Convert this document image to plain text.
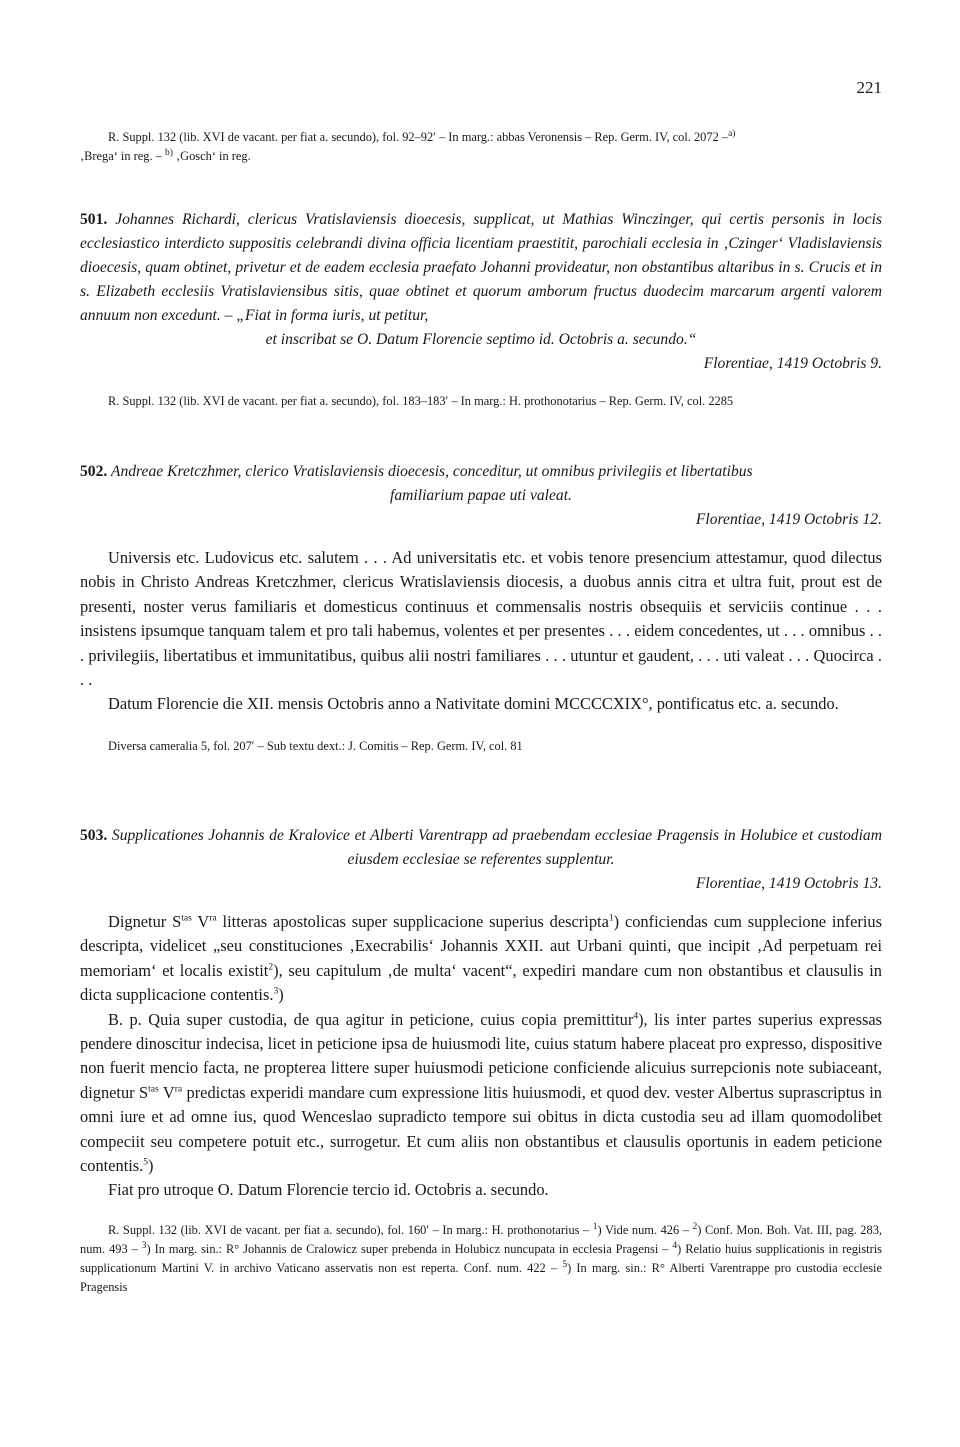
221

R. Suppl. 132 (lib. XVI de vacant. per fiat a. secundo), fol. 92–92′ – In marg.: abbas Veronensis – Rep. Germ. IV, col. 2072 –$^{a)}$
‚Brega‘ in reg. – $^{b)}$ ‚Gosch‘ in reg.

501. Johannes Richardi, clericus Vratislaviensis dioecesis, supplicat, ut Mathias Winczinger, qui certis personis in locis ecclesiastico interdicto suppositis celebrandi divina officia licentiam praestitit, parochiali ecclesia in ‚Czinger‘ Vladislaviensis dioecesis, quam obtinet, privetur et de eadem ecclesia praefato Johanni provideatur, non obstantibus altaribus in s. Crucis et in s. Elizabeth ecclesiis Vratislaviensibus sitis, quae obtinet et quorum amborum fructus duodecim marcarum argenti valorem annuum non excedunt. – „Fiat in forma iuris, ut petitur,
et inscribat se O. Datum Florencie septimo id. Octobris a. secundo.“

Florentiae, 1419 Octobris 9.

R. Suppl. 132 (lib. XVI de vacant. per fiat a. secundo), fol. 183–183′ – In marg.: H. prothonotarius – Rep. Germ. IV, col. 2285

502. Andreae Kretczhmer, clerico Vratislaviensis dioecesis, conceditur, ut omnibus privilegiis et libertatibus
familiarium papae uti valeat.

Florentiae, 1419 Octobris 12.

Universis etc. Ludovicus etc. salutem . . . Ad universitatis etc. et vobis tenore presencium attestamur, quod dilectus nobis in Christo Andreas Kretczhmer, clericus Wratislaviensis diocesis, a duobus annis citra et ultra fuit, prout est de presenti, noster verus familiaris et domesticus continuus et commensalis nostris obsequiis et serviciis continue . . . insistens ipsumque tanquam talem et pro tali habemus, volentes et per presentes . . . eidem concedentes, ut . . . omnibus . . . privilegiis, libertatibus et immunitatibus, quibus alii nostri familiares . . . utuntur et gaudent, . . . uti valeat . . . Quocirca . . .

Datum Florencie die XII. mensis Octobris anno a Nativitate domini MCCCCXIX°, pontificatus etc. a. secundo.

Diversa cameralia 5, fol. 207′ – Sub textu dext.: J. Comitis – Rep. Germ. IV, col. 81

503. Supplicationes Johannis de Kralovice et Alberti Varentrapp ad praebendam ecclesiae Pragensis in Holubice et custodiam eiusdem ecclesiae se referentes supplentur.

Florentiae, 1419 Octobris 13.

Dignetur $S^{tas}$ $V^{ra}$ litteras apostolicas super supplicacione superius descripta$^1$) conficiendas cum supplecione inferius descripta, videlicet „seu constituciones ‚Execrabilis‘ Johannis XXII. aut Urbani quinti, que incipit ‚Ad perpetuam rei memoriam‘ et localis existit$^2$), seu capitulum ‚de multa‘ vacent“, expediri mandare cum non obstantibus et clausulis in dicta supplicacione contentis.$^3$)

B. p. Quia super custodia, de qua agitur in peticione, cuius copia premittitur$^4$), lis inter partes superius expressas pendere dinoscitur indecisa, licet in peticione ipsa de huiusmodi lite, cuius statum habere placeat pro expresso, dispositive non fuerit mencio facta, ne propterea littere super huiusmodi peticione conficiende alicuius surrepcionis note subiaceant, dignetur $S^{tas}$ $V^{ra}$ predictas experidi mandare cum expressione litis huiusmodi, et quod dev. vester Albertus suprascriptus in omni iure et ad omne ius, quod Wenceslao supradicto tempore sui obitus in dicta custodia seu ad illam quomodolibet compeciit seu competere potuit etc., surrogetur. Et cum aliis non obstantibus et clausulis oportunis in eadem peticione contentis.$^5$)

Fiat pro utroque O. Datum Florencie tercio id. Octobris a. secundo.

R. Suppl. 132 (lib. XVI de vacant. per fiat a. secundo), fol. 160′ – In marg.: H. prothonotarius – $^1$) Vide num. 426 – $^2$) Conf. Mon. Boh. Vat. III, pag. 283, num. 493 – $^3$) In marg. sin.: R° Johannis de Cralowicz super prebenda in Holubicz nuncupata in ecclesia Pragensi – $^4$) Relatio huius supplicationis in registris supplicationum Martini V. in archivo Vaticano asservatis non est reperta. Conf. num. 422 – $^5$) In marg. sin.: R° Alberti Varentrappe pro custodia ecclesie Pragensis
